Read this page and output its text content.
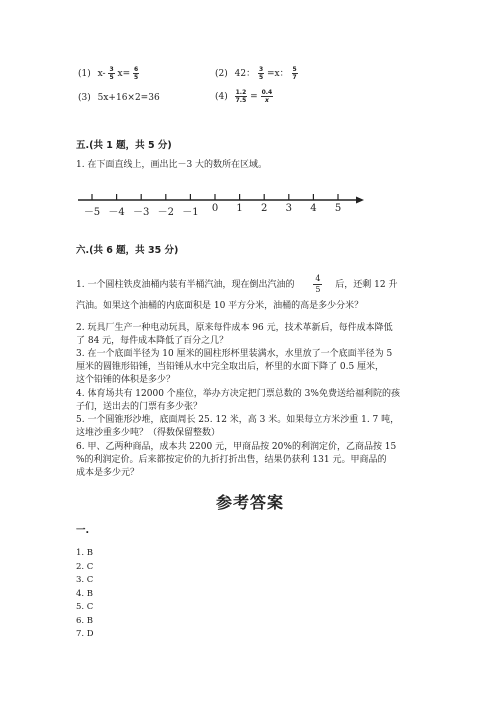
(1) $x- \frac{3}{5} x= \frac{6}{5}$	(2) 42： $\frac{3}{5} =x$： $\frac{5}{7}$
(3) 5x+16×2=36	$(4) \frac{1.2}{7.5} = \frac{0.4}{x}$
五.(共 1 题，共 5 分)
1. 在下面直线上，画出比－3 大的数所在区域。
－5 －4 －3 －2 －1	0	1	2	3	4	5
六.(共 6 题，共 35 分)
1. 一个圆柱铁皮油桶内装有半桶汽油，现在倒出汽油的 $\frac{4}{5}$ 后，还剩 12 升
汽油。如果这个油桶的内底面积是 10 平方分米，油桶的高是多少分米？
2. 玩具厂生产一种电动玩具，原来每件成本 96 元，技术革新后，每件成本降低
了 84 元，每件成本降低了百分之几？
3. 在一个底面半径为 10 厘米的圆柱形杯里装满水，水里放了一个底面半径为 5
厘米的圆锥形铅锤，当铅锤从水中完全取出后，杯里的水面下降了 0.5 厘米，
这个铅锤的体积是多少？
4. 体育场共有 12000 个座位，举办方决定把门票总数的 3%免费送给福利院的孩
子们，送出去的门票有多少张？
5. 一个圆锥形沙堆，底面周长 25. 12 米，高 3 米。如果每立方米沙重 1. 7 吨，
这堆沙重多少吨？（得数保留整数）
6. 甲、乙两种商品，成本共 2200 元，甲商品按 20%的利润定价，乙商品按 15
%的利润定价。后来都按定价的九折打折出售，结果仍获利 131 元。甲商品的
成本是多少元？
参考答案
一.
1. B
2. C
3. C
4. B
5. C
6. B
7. D
